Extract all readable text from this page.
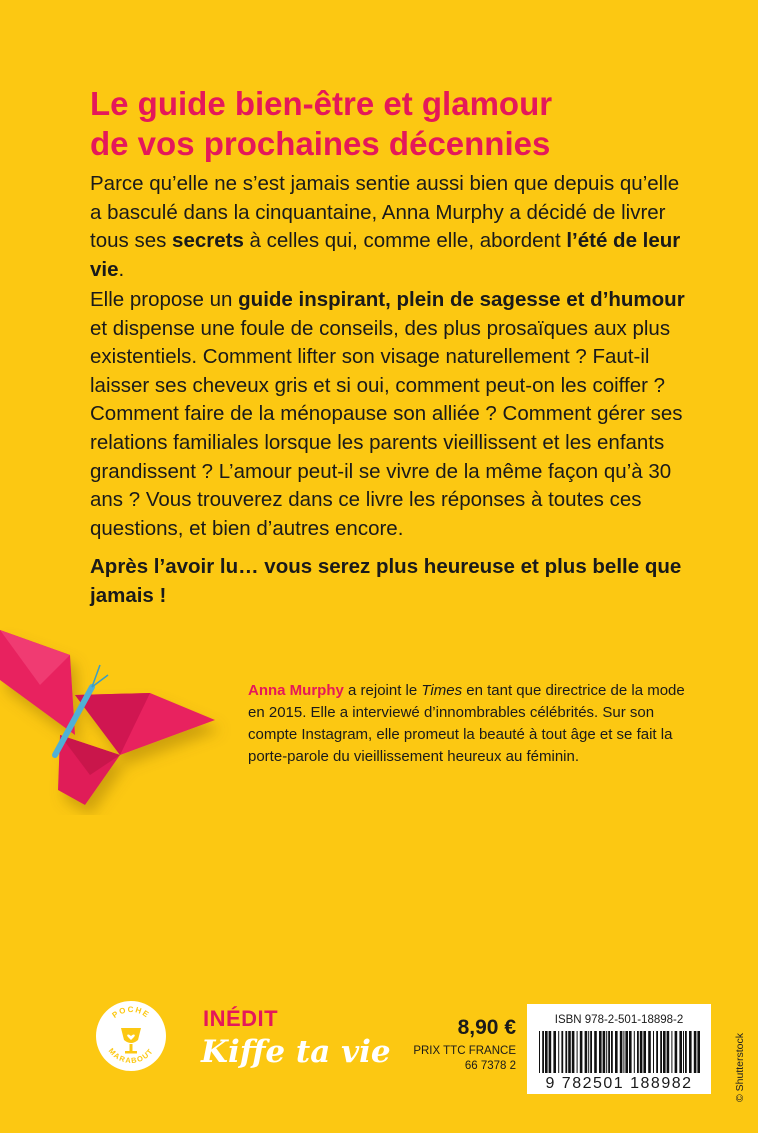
Le guide bien-être et glamour
de vos prochaines décennies

Parce qu’elle ne s’est jamais sentie aussi bien que depuis qu’elle a basculé dans la cinquantaine, Anna Murphy a décidé de livrer tous ses secrets à celles qui, comme elle, abordent l’été de leur vie.

Elle propose un guide inspirant, plein de sagesse et d’humour et dispense une foule de conseils, des plus prosaïques aux plus existentiels. Comment lifter son visage naturellement ? Faut-il laisser ses cheveux gris et si oui, comment peut-on les coiffer ? Comment faire de la ménopause son alliée ? Comment gérer ses relations familiales lorsque les parents vieillissent et les enfants grandissent ? L’amour peut-il se vivre de la même façon qu’à 30 ans ? Vous trouverez dans ce livre les réponses à toutes ces questions, et bien d’autres encore.

Après l’avoir lu… vous serez plus heureuse et plus belle que jamais !

Anna Murphy a rejoint le Times en tant que directrice de la mode en 2015. Elle a interviewé d’innombrables célébrités. Sur son compte Instagram, elle promeut la beauté à tout âge et se fait la porte-parole du vieillissement heureux au féminin.

POCHE
MARABOUT

INÉDIT

Kiffe ta vie

8,90 €

PRIX TTC FRANCE
66 7378 2

ISBN 978-2-501-18898-2

9 782501 188982	© Shutterstock
